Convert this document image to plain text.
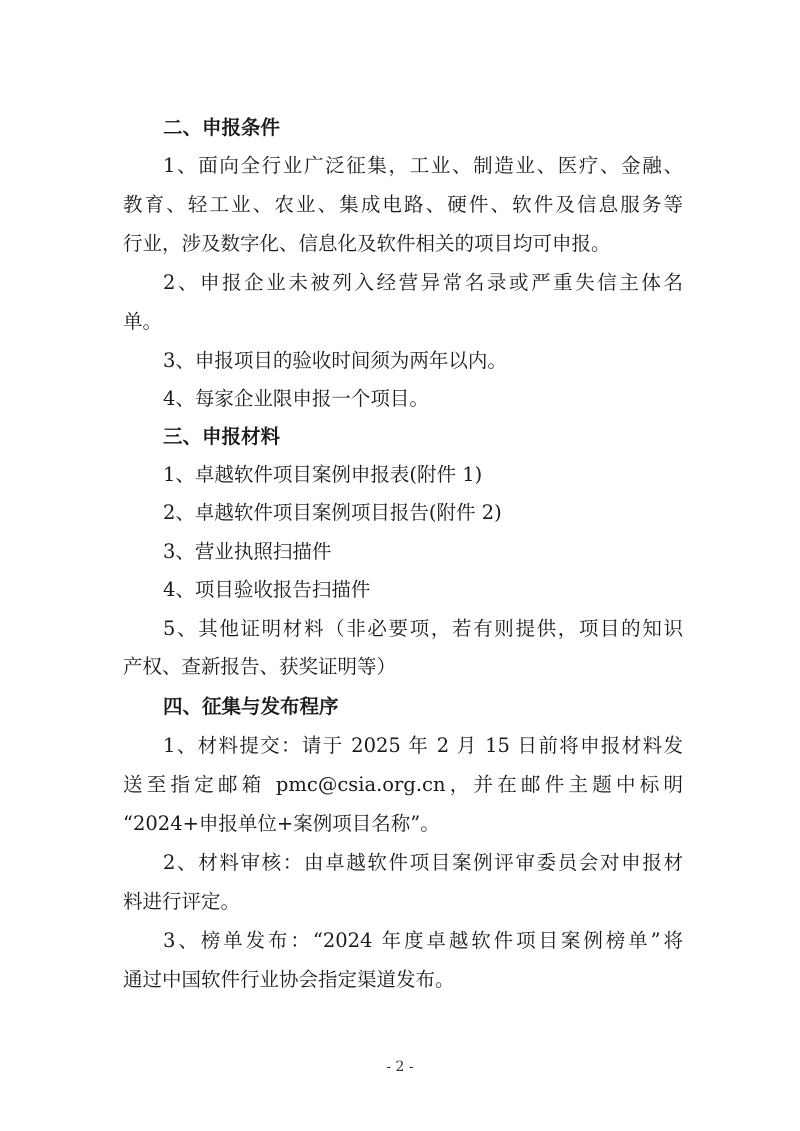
二、申报条件
1、面向全行业广泛征集，工业、制造业、医疗、金融、
教育、轻工业、农业、集成电路、硬件、软件及信息服务等
行业，涉及数字化、信息化及软件相关的项目均可申报。
2、申报企业未被列入经营异常名录或严重失信主体名
单。
3、申报项目的验收时间须为两年以内。
4、每家企业限申报一个项目。
三、申报材料
1、卓越软件项目案例申报表(附件 1)
2、卓越软件项目案例项目报告(附件 2)
3、营业执照扫描件
4、项目验收报告扫描件
5、其他证明材料（非必要项，若有则提供，项目的知识
产权、查新报告、获奖证明等）
四、征集与发布程序
1、材料提交：请于 2025 年 2 月 15 日前将申报材料发
送至指定邮箱 pmc@csia.org.cn，并在邮件主题中标明
“2024+申报单位+案例项目名称”。
2、材料审核：由卓越软件项目案例评审委员会对申报材
料进行评定。
3、榜单发布：“2024 年度卓越软件项目案例榜单”将
通过中国软件行业协会指定渠道发布。
- 2 -
